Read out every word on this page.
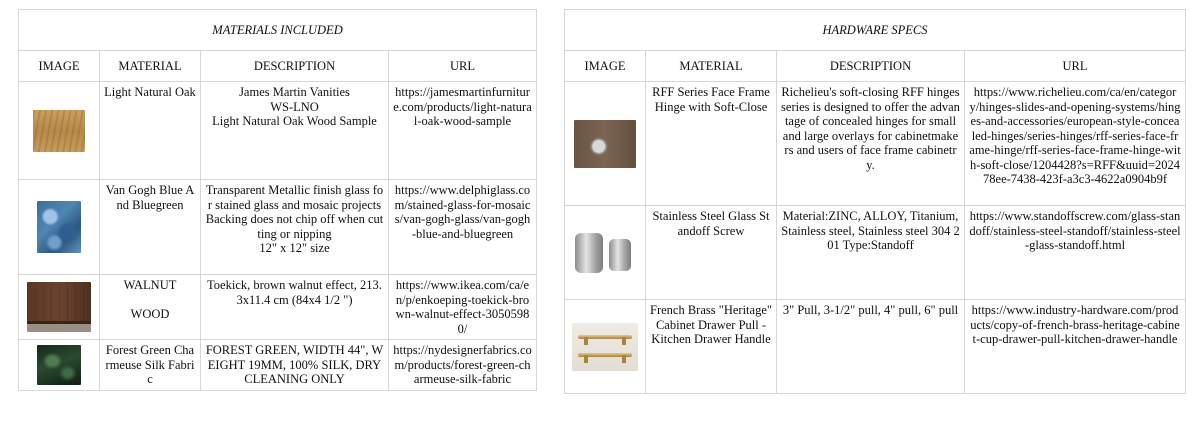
MATERIALS INCLUDED			
IMAGE	MATERIAL	DESCRIPTION	URL

	Light Natural Oak	James Martin Vanities
WS-LNO
Light Natural Oak Wood Sample	https://jamesmartinfurniture.com/products/light-natural-oak-wood-sample

	Van Gogh Blue And Bluegreen	Transparent Metallic finish glass for stained glass and mosaic projects
Backing does not chip off when cutting or nipping
12" x 12" size	https://www.delphiglass.com/stained-glass-for-mosaics/van-gogh-glass/van-gogh-blue-and-bluegreen

	WALNUT

WOOD	Toekick, brown walnut effect, 213.3x11.4 cm (84x4 1/2 ")	https://www.ikea.com/ca/en/p/enkoeping-toekick-brown-walnut-effect-30505980/

	Forest Green Charmeuse Silk Fabric	FOREST GREEN, WIDTH 44", WEIGHT 19MM, 100% SILK, DRY CLEANING ONLY	https://nydesignerfabrics.com/products/forest-green-charmeuse-silk-fabric
HARDWARE SPECS			
IMAGE	MATERIAL	DESCRIPTION	URL

	RFF Series Face Frame Hinge with Soft-Close	Richelieu's soft-closing RFF hinges series is designed to offer the advantage of concealed hinges for small and large overlays for cabinetmakers and users of face frame cabinetry.	https://www.richelieu.com/ca/en/category/hinges-slides-and-opening-systems/hinges-and-accessories/european-style-concealed-hinges/series-hinges/rff-series-face-frame-hinge/rff-series-face-frame-hinge-with-soft-close/1204428?s=RFF&uuid=202478ee-7438-423f-a3c3-4622a0904b9f

	Stainless Steel Glass Standoff Screw	Material:ZINC, ALLOY, Titanium, Stainless steel, Stainless steel 304 201 Type:Standoff	https://www.standoffscrew.com/glass-standoff/stainless-steel-standoff/stainless-steel-glass-standoff.html

	French Brass "Heritage" Cabinet Drawer Pull - Kitchen Drawer Handle	3" Pull, 3-1/2" pull, 4" pull, 6" pull	https://www.industry-hardware.com/products/copy-of-french-brass-heritage-cabinet-cup-drawer-pull-kitchen-drawer-handle
